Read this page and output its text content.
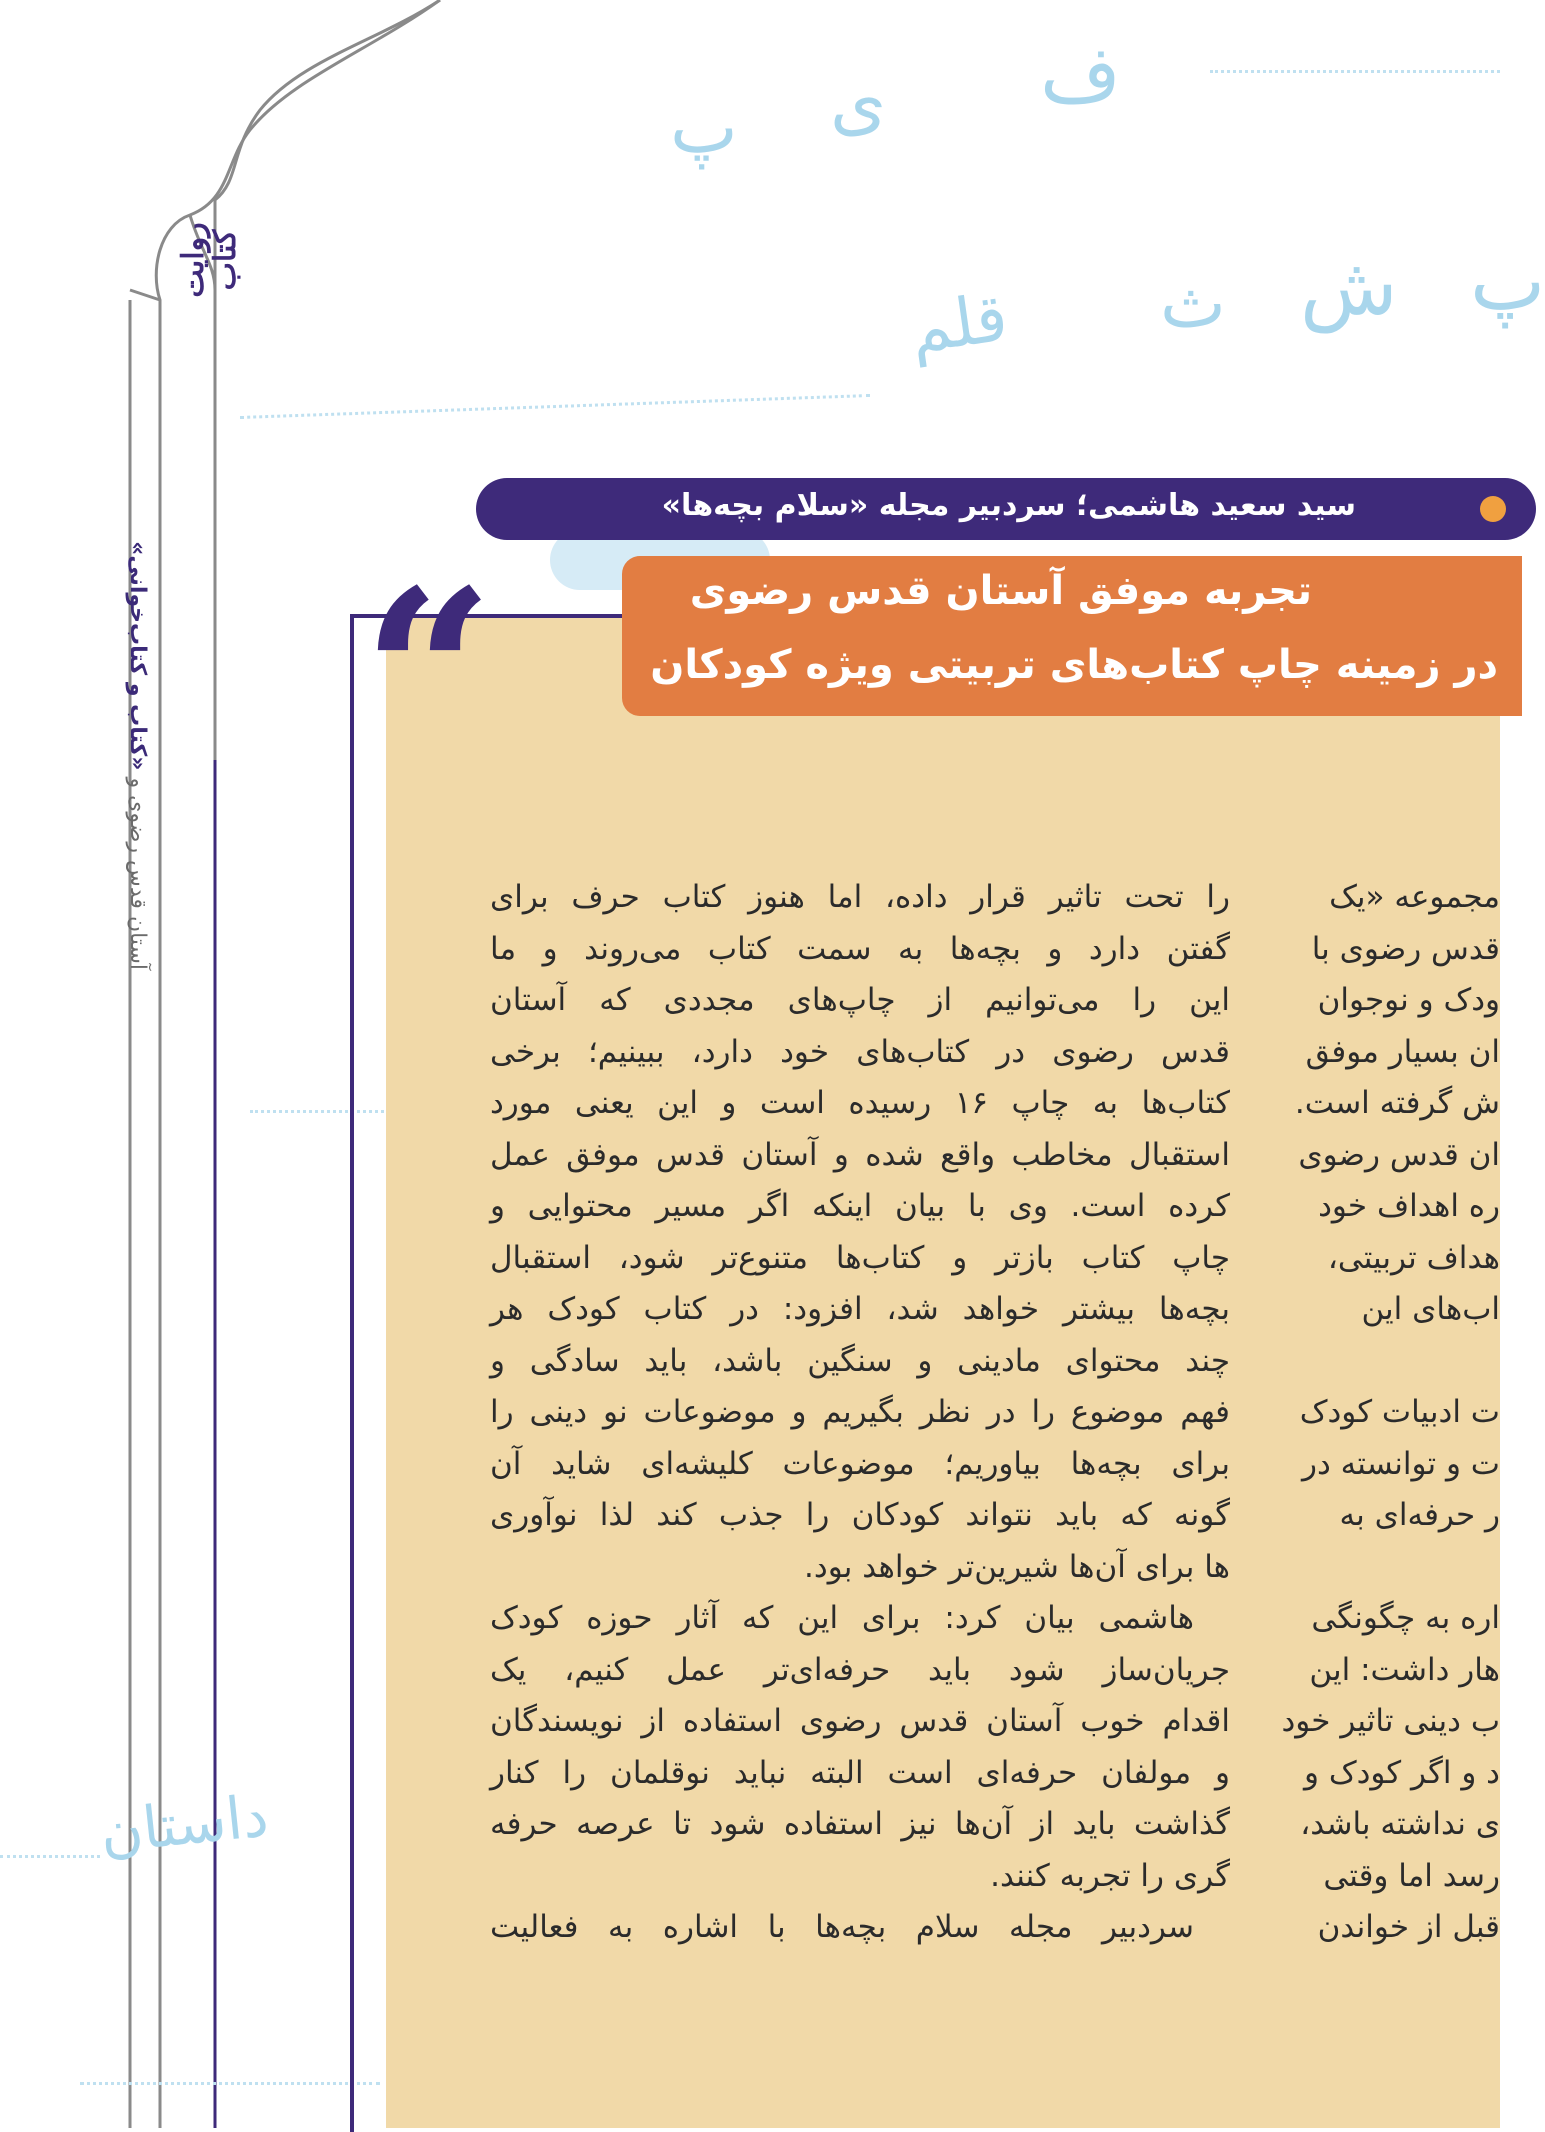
روایت کتاب
آستان قدس رضوی و «کتاب و کتاب‌خوانی»
ف
ی
پ
ش
ث
قلم	پ
داستان
سید سعید هاشمی؛ سردبیر مجله «سلام بچه‌ها»
تجربه موفق آستان قدس رضوی
در زمینه چاپ کتاب‌های تربیتی ویژه کودکان
“
را تحت تاثیر قرار داده، اما هنوز کتاب حرف برای
گفتن دارد و بچه‌ها به سمت کتاب می‌روند و ما
این را می‌توانیم از چاپ‌های مجددی که آستان
قدس رضوی در کتاب‌های خود دارد، ببینیم؛ برخی
کتاب‌ها به چاپ ۱۶ رسیده است و این یعنی مورد
استقبال مخاطب واقع شده و آستان قدس موفق عمل
کرده است. وی با بیان اینکه اگر مسیر محتوایی و
چاپ کتاب بازتر و کتاب‌ها متنوع‌تر شود، استقبال
بچه‌ها بیشتر خواهد شد، افزود: در کتاب کودک هر
چند محتوای مادینی و سنگین باشد، باید سادگی و
فهم موضوع را در نظر بگیریم و موضوعات نو دینی را
برای بچه‌ها بیاوریم؛ موضوعات کلیشه‌ای شاید آن
گونه که باید نتواند کودکان را جذب کند لذا نوآوری
ها برای آن‌ها شیرین‌تر خواهد بود.
هاشمی بیان کرد: برای این که آثار حوزه کودک
جریان‌ساز شود باید حرفه‌ای‌تر عمل کنیم، یک
اقدام خوب آستان قدس رضوی استفاده از نویسندگان
و مولفان حرفه‌ای است البته نباید نوقلمان را کنار
گذاشت باید از آن‌ها نیز استفاده شود تا عرصه حرفه
گری را تجربه کنند.
سردبیر مجله سلام بچه‌ها با اشاره به فعالیت
مجموعه «یک
قدس رضوی با
ودک و نوجوان
ان بسیار موفق
ش گرفته است.
ان قدس رضوی
ره اهداف خود
هداف تربیتی،
اب‌های این
ت ادبیات کودک
ت و توانسته در
ر حرفه‌ای به
اره به چگونگی
هار داشت: این
ب دینی تاثیر خود
د و اگر کودک و
ی نداشته باشد،
رسد اما وقتی
قبل از خواندن
